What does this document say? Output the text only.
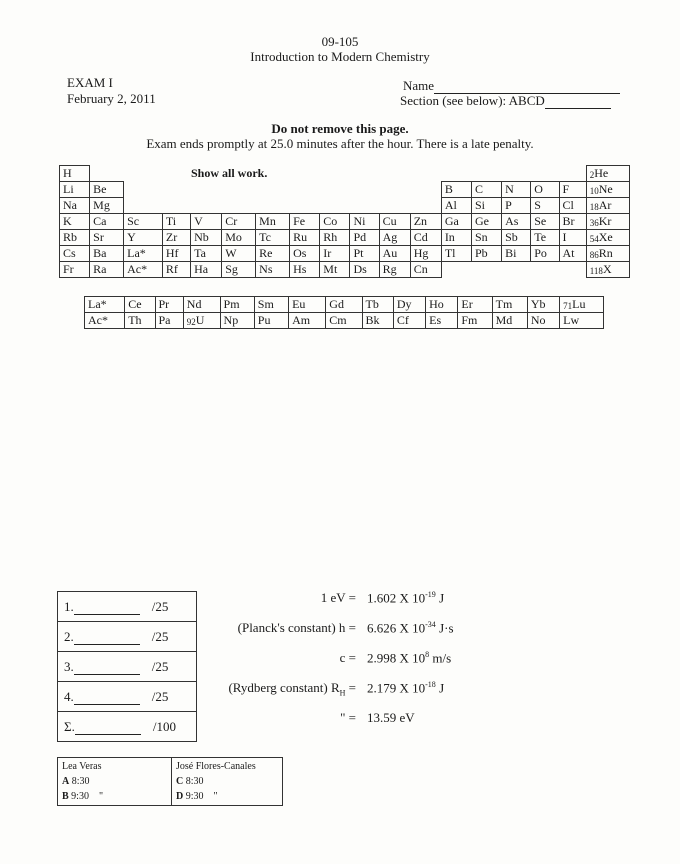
09-105
Introduction to Modern Chemistry
EXAM I
February 2, 2011
Name
Section (see below): ABCD
Do not remove this page.
Exam ends promptly at 25.0 minutes after the hour. There is a late penalty.
Show all work.
H																	2He
Li	Be											B	C	N	O	F	10Ne
Na	Mg											Al	Si	P	S	Cl	18Ar
K	Ca	Sc	Ti	V	Cr	Mn	Fe	Co	Ni	Cu	Zn	Ga	Ge	As	Se	Br	36Kr
Rb	Sr	Y	Zr	Nb	Mo	Tc	Ru	Rh	Pd	Ag	Cd	In	Sn	Sb	Te	I	54Xe
Cs	Ba	La*	Hf	Ta	W	Re	Os	Ir	Pt	Au	Hg	Tl	Pb	Bi	Po	At	86Rn
Fr	Ra	Ac*	Rf	Ha	Sg	Ns	Hs	Mt	Ds	Rg	Cn						118X
La*	Ce	Pr	Nd	Pm	Sm	Eu	Gd	Tb	Dy	Ho	Er	Tm	Yb	71Lu
Ac*	Th	Pa	92U	Np	Pu	Am	Cm	Bk	Cf	Es	Fm	Md	No	Lw
1.	/25
2.	/25
3.	/25
4.	/25
Σ.	/100
1 eV = 1.602 X $10^{-19}$ J
(Planck's constant) h = 6.626 X $10^{-34}$ J·s
c = 2.998 X $10^8$ m/s
(Rydberg constant) $R_H = 2.179$ X $10^{-18}$ J
" = 13.59 eV
Lea Veras
A 8:30
B 9:30 "

José Flores-Canales
C 8:30
D 9:30 "
